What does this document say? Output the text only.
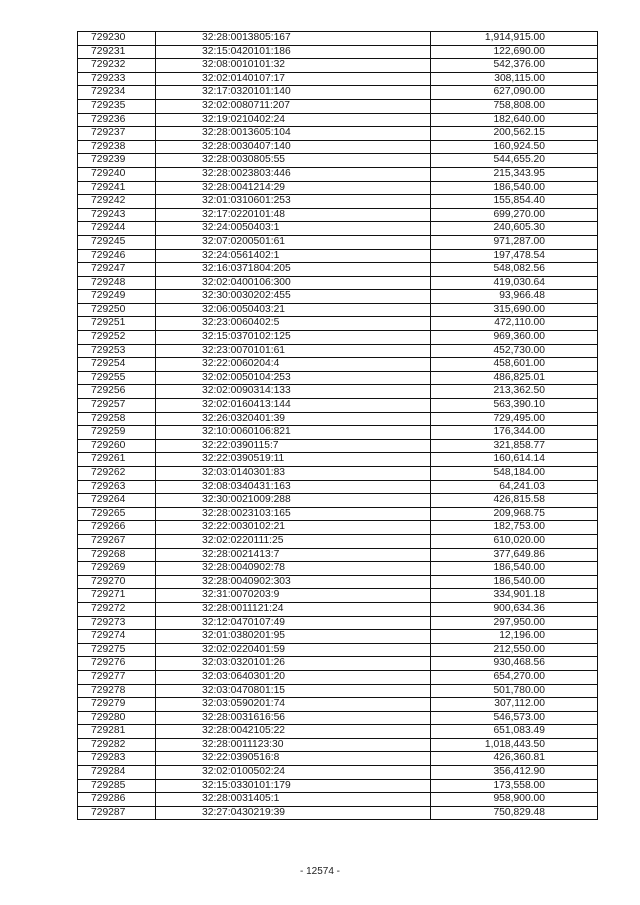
729230	32:28:0013805:167	1,914,915.00
729231	32:15:0420101:186	122,690.00
729232	32:08:0010101:32	542,376.00
729233	32:02:0140107:17	308,115.00
729234	32:17:0320101:140	627,090.00
729235	32:02:0080711:207	758,808.00
729236	32:19:0210402:24	182,640.00
729237	32:28:0013605:104	200,562.15
729238	32:28:0030407:140	160,924.50
729239	32:28:0030805:55	544,655.20
729240	32:28:0023803:446	215,343.95
729241	32:28:0041214:29	186,540.00
729242	32:01:0310601:253	155,854.40
729243	32:17:0220101:48	699,270.00
729244	32:24:0050403:1	240,605.30
729245	32:07:0200501:61	971,287.00
729246	32:24:0561402:1	197,478.54
729247	32:16:0371804:205	548,082.56
729248	32:02:0400106:300	419,030.64
729249	32:30:0030202:455	93,966.48
729250	32:06:0050403:21	315,690.00
729251	32:23:0060402:5	472,110.00
729252	32:15:0370102:125	969,360.00
729253	32:23:0070101:61	452,730.00
729254	32:22:0060204:4	458,601.00
729255	32:02:0050104:253	486,825.01
729256	32:02:0090314:133	213,362.50
729257	32:02:0160413:144	563,390.10
729258	32:26:0320401:39	729,495.00
729259	32:10:0060106:821	176,344.00
729260	32:22:0390115:7	321,858.77
729261	32:22:0390519:11	160,614.14
729262	32:03:0140301:83	548,184.00
729263	32:08:0340431:163	64,241.03
729264	32:30:0021009:288	426,815.58
729265	32:28:0023103:165	209,968.75
729266	32:22:0030102:21	182,753.00
729267	32:02:0220111:25	610,020.00
729268	32:28:0021413:7	377,649.86
729269	32:28:0040902:78	186,540.00
729270	32:28:0040902:303	186,540.00
729271	32:31:0070203:9	334,901.18
729272	32:28:0011121:24	900,634.36
729273	32:12:0470107:49	297,950.00
729274	32:01:0380201:95	12,196.00
729275	32:02:0220401:59	212,550.00
729276	32:03:0320101:26	930,468.56
729277	32:03:0640301:20	654,270.00
729278	32:03:0470801:15	501,780.00
729279	32:03:0590201:74	307,112.00
729280	32:28:0031616:56	546,573.00
729281	32:28:0042105:22	651,083.49
729282	32:28:0011123:30	1,018,443.50
729283	32:22:0390516:8	426,360.81
729284	32:02:0100502:24	356,412.90
729285	32:15:0330101:179	173,558.00
729286	32:28:0031405:1	958,900.00
729287	32:27:0430219:39	750,829.48
- 12574 -
